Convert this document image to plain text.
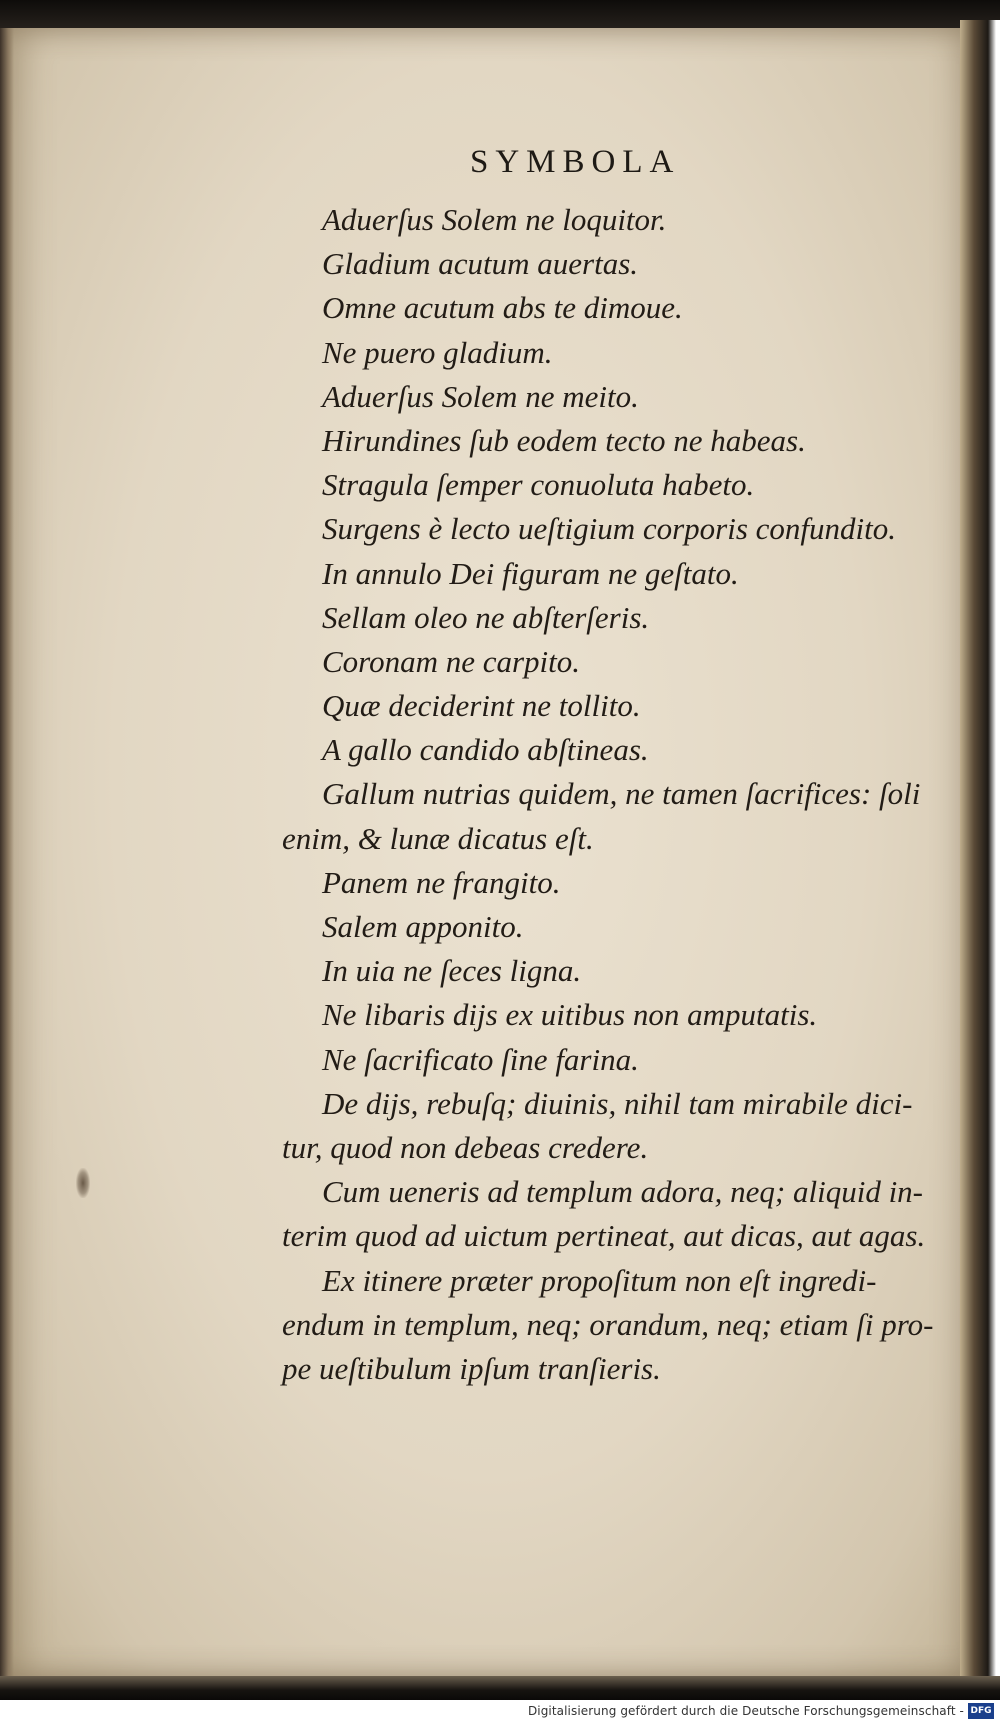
SYMBOLA
Aduerſus Solem ne loquitor.
Gladium acutum auertas.
Omne acutum abs te dimoue.
Ne puero gladium.
Aduerſus Solem ne meito.
Hirundines ſub eodem tecto ne habeas.
Stragula ſemper conuoluta habeto.
Surgens è lecto ueſtigium corporis confundito.
In annulo Dei figuram ne geſtato.
Sellam oleo ne abſterſeris.
Coronam ne carpito.
Quæ deciderint ne tollito.
A gallo candido abſtineas.
Gallum nutrias quidem, ne tamen ſacrifices: ſoli
enim, & lunæ dicatus eſt.
Panem ne frangito.
Salem apponito.
In uia ne ſeces ligna.
Ne libaris dijs ex uitibus non amputatis.
Ne ſacrificato ſine farina.
De dijs, rebuſq; diuinis, nihil tam mirabile dici-
tur, quod non debeas credere.
Cum ueneris ad templum adora, neq; aliquid in-
terim quod ad uictum pertineat, aut dicas, aut agas.
Ex itinere præter propoſitum non eſt ingredi-
endum in templum, neq; orandum, neq; etiam ſi pro-
pe ueſtibulum ipſum tranſieris.
Digitalisierung gefördert durch die Deutsche Forschungsgemeinschaft - DFG
